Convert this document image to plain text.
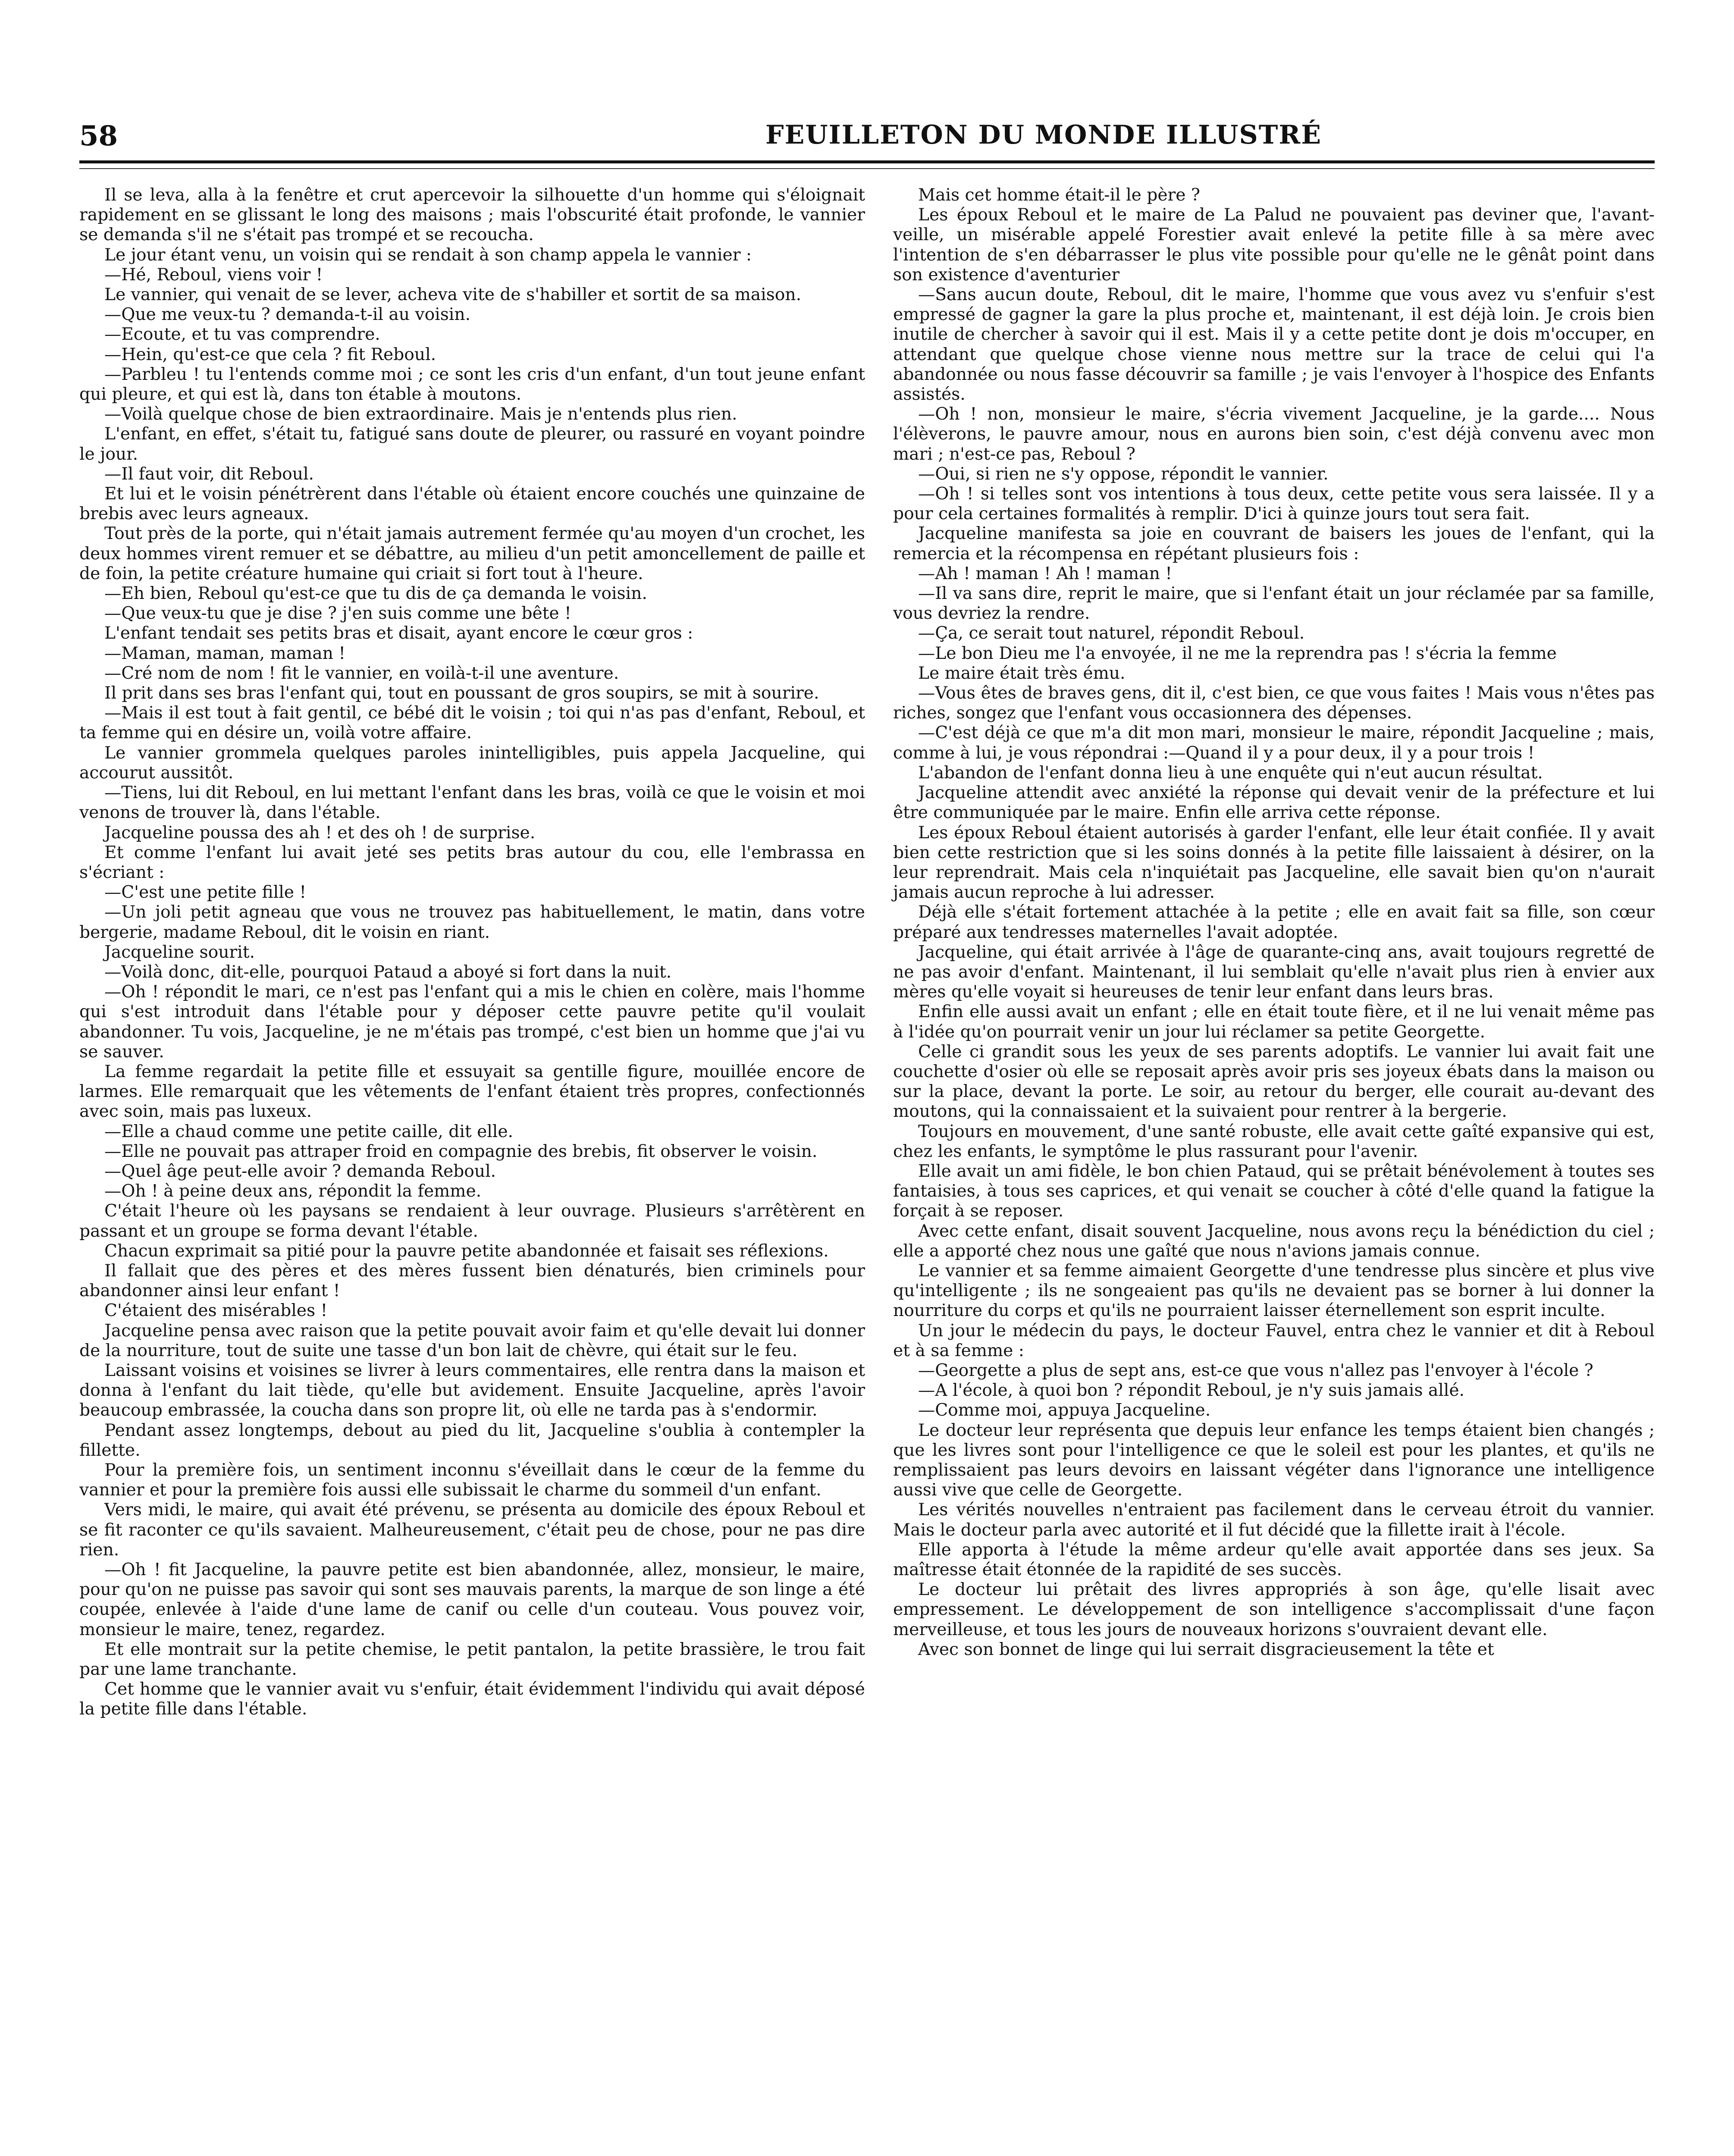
58	FEUILLETON DU MONDE ILLUSTRÉ

Il se leva, alla à la fenêtre et crut apercevoir la silhouette d'un homme qui s'éloignait rapidement en se glissant le long des maisons ; mais l'obscurité était profonde, le vannier se demanda s'il ne s'était pas trompé et se recoucha.

Le jour étant venu, un voisin qui se rendait à son champ appela le vannier :

—Hé, Reboul, viens voir !

Le vannier, qui venait de se lever, acheva vite de s'habiller et sortit de sa maison.

—Que me veux-tu ? demanda-t-il au voisin.

—Ecoute, et tu vas comprendre.

—Hein, qu'est-ce que cela ? fit Reboul.

—Parbleu ! tu l'entends comme moi ; ce sont les cris d'un enfant, d'un tout jeune enfant qui pleure, et qui est là, dans ton étable à moutons.

—Voilà quelque chose de bien extraordinaire. Mais je n'entends plus rien.

L'enfant, en effet, s'était tu, fatigué sans doute de pleurer, ou rassuré en voyant poindre le jour.

—Il faut voir, dit Reboul.

Et lui et le voisin pénétrèrent dans l'étable où étaient encore couchés une quinzaine de brebis avec leurs agneaux.

Tout près de la porte, qui n'était jamais autrement fermée qu'au moyen d'un crochet, les deux hommes virent remuer et se débattre, au milieu d'un petit amoncellement de paille et de foin, la petite créature humaine qui criait si fort tout à l'heure.

—Eh bien, Reboul qu'est-ce que tu dis de ça demanda le voisin.

—Que veux-tu que je dise ? j'en suis comme une bête !

L'enfant tendait ses petits bras et disait, ayant encore le cœur gros :

—Maman, maman, maman !

—Cré nom de nom ! fit le vannier, en voilà-t-il une aventure.

Il prit dans ses bras l'enfant qui, tout en poussant de gros soupirs, se mit à sourire.

—Mais il est tout à fait gentil, ce bébé dit le voisin ; toi qui n'as pas d'enfant, Reboul, et ta femme qui en désire un, voilà votre affaire.

Le vannier grommela quelques paroles inintelligibles, puis appela Jacqueline, qui accourut aussitôt.

—Tiens, lui dit Reboul, en lui mettant l'enfant dans les bras, voilà ce que le voisin et moi venons de trouver là, dans l'étable.

Jacqueline poussa des ah ! et des oh ! de surprise.

Et comme l'enfant lui avait jeté ses petits bras autour du cou, elle l'embrassa en s'écriant :

—C'est une petite fille !

—Un joli petit agneau que vous ne trouvez pas habituellement, le matin, dans votre bergerie, madame Reboul, dit le voisin en riant.

Jacqueline sourit.

—Voilà donc, dit-elle, pourquoi Pataud a aboyé si fort dans la nuit.

—Oh ! répondit le mari, ce n'est pas l'enfant qui a mis le chien en colère, mais l'homme qui s'est introduit dans l'étable pour y déposer cette pauvre petite qu'il voulait abandonner. Tu vois, Jacqueline, je ne m'étais pas trompé, c'est bien un homme que j'ai vu se sauver.

La femme regardait la petite fille et essuyait sa gentille figure, mouillée encore de larmes. Elle remarquait que les vêtements de l'enfant étaient très propres, confectionnés avec soin, mais pas luxeux.

—Elle a chaud comme une petite caille, dit elle.

—Elle ne pouvait pas attraper froid en compagnie des brebis, fit observer le voisin.

—Quel âge peut-elle avoir ? demanda Reboul.

—Oh ! à peine deux ans, répondit la femme.

C'était l'heure où les paysans se rendaient à leur ouvrage. Plusieurs s'arrêtèrent en passant et un groupe se forma devant l'étable.

Chacun exprimait sa pitié pour la pauvre petite abandonnée et faisait ses réflexions.

Il fallait que des pères et des mères fussent bien dénaturés, bien criminels pour abandonner ainsi leur enfant !

C'étaient des misérables !

Jacqueline pensa avec raison que la petite pouvait avoir faim et qu'elle devait lui donner de la nourriture, tout de suite une tasse d'un bon lait de chèvre, qui était sur le feu.

Laissant voisins et voisines se livrer à leurs commentaires, elle rentra dans la maison et donna à l'enfant du lait tiède, qu'elle but avidement. Ensuite Jacqueline, après l'avoir beaucoup embrassée, la coucha dans son propre lit, où elle ne tarda pas à s'endormir.

Pendant assez longtemps, debout au pied du lit, Jacqueline s'oublia à contempler la fillette.

Pour la première fois, un sentiment inconnu s'éveillait dans le cœur de la femme du vannier et pour la première fois aussi elle subissait le charme du sommeil d'un enfant.

Vers midi, le maire, qui avait été prévenu, se présenta au domicile des époux Reboul et se fit raconter ce qu'ils savaient. Malheureusement, c'était peu de chose, pour ne pas dire rien.

—Oh ! fit Jacqueline, la pauvre petite est bien abandonnée, allez, monsieur, le maire, pour qu'on ne puisse pas savoir qui sont ses mauvais parents, la marque de son linge a été coupée, enlevée à l'aide d'une lame de canif ou celle d'un couteau. Vous pouvez voir, monsieur le maire, tenez, regardez.

Et elle montrait sur la petite chemise, le petit pantalon, la petite brassière, le trou fait par une lame tranchante.

Cet homme que le vannier avait vu s'enfuir, était évidemment l'individu qui avait déposé la petite fille dans l'étable.

Mais cet homme était-il le père ?

Les époux Reboul et le maire de La Palud ne pouvaient pas deviner que, l'avant-veille, un misérable appelé Forestier avait enlevé la petite fille à sa mère avec l'intention de s'en débarrasser le plus vite possible pour qu'elle ne le gênât point dans son existence d'aventurier

—Sans aucun doute, Reboul, dit le maire, l'homme que vous avez vu s'enfuir s'est empressé de gagner la gare la plus proche et, maintenant, il est déjà loin. Je crois bien inutile de chercher à savoir qui il est. Mais il y a cette petite dont je dois m'occuper, en attendant que quelque chose vienne nous mettre sur la trace de celui qui l'a abandonnée ou nous fasse découvrir sa famille ; je vais l'envoyer à l'hospice des Enfants assistés.

—Oh ! non, monsieur le maire, s'écria vivement Jacqueline, je la garde.... Nous l'élèverons, le pauvre amour, nous en aurons bien soin, c'est déjà convenu avec mon mari ; n'est-ce pas, Reboul ?

—Oui, si rien ne s'y oppose, répondit le vannier.

—Oh ! si telles sont vos intentions à tous deux, cette petite vous sera laissée. Il y a pour cela certaines formalités à remplir. D'ici à quinze jours tout sera fait.

Jacqueline manifesta sa joie en couvrant de baisers les joues de l'enfant, qui la remercia et la récompensa en répétant plusieurs fois :

—Ah ! maman ! Ah ! maman !

—Il va sans dire, reprit le maire, que si l'enfant était un jour réclamée par sa famille, vous devriez la rendre.

—Ça, ce serait tout naturel, répondit Reboul.

—Le bon Dieu me l'a envoyée, il ne me la reprendra pas ! s'écria la femme

Le maire était très ému.

—Vous êtes de braves gens, dit il, c'est bien, ce que vous faites ! Mais vous n'êtes pas riches, songez que l'enfant vous occasionnera des dépenses.

—C'est déjà ce que m'a dit mon mari, monsieur le maire, répondit Jacqueline ; mais, comme à lui, je vous répondrai :—Quand il y a pour deux, il y a pour trois !

L'abandon de l'enfant donna lieu à une enquête qui n'eut aucun résultat.

Jacqueline attendit avec anxiété la réponse qui devait venir de la préfecture et lui être communiquée par le maire. Enfin elle arriva cette réponse.

Les époux Reboul étaient autorisés à garder l'enfant, elle leur était confiée. Il y avait bien cette restriction que si les soins donnés à la petite fille laissaient à désirer, on la leur reprendrait. Mais cela n'inquiétait pas Jacqueline, elle savait bien qu'on n'aurait jamais aucun reproche à lui adresser.

Déjà elle s'était fortement attachée à la petite ; elle en avait fait sa fille, son cœur préparé aux tendresses maternelles l'avait adoptée.

Jacqueline, qui était arrivée à l'âge de quarante-cinq ans, avait toujours regretté de ne pas avoir d'enfant. Maintenant, il lui semblait qu'elle n'avait plus rien à envier aux mères qu'elle voyait si heureuses de tenir leur enfant dans leurs bras.

Enfin elle aussi avait un enfant ; elle en était toute fière, et il ne lui venait même pas à l'idée qu'on pourrait venir un jour lui réclamer sa petite Georgette.

Celle ci grandit sous les yeux de ses parents adoptifs. Le vannier lui avait fait une couchette d'osier où elle se reposait après avoir pris ses joyeux ébats dans la maison ou sur la place, devant la porte. Le soir, au retour du berger, elle courait au-devant des moutons, qui la connaissaient et la suivaient pour rentrer à la bergerie.

Toujours en mouvement, d'une santé robuste, elle avait cette gaîté expansive qui est, chez les enfants, le symptôme le plus rassurant pour l'avenir.

Elle avait un ami fidèle, le bon chien Pataud, qui se prêtait bénévolement à toutes ses fantaisies, à tous ses caprices, et qui venait se coucher à côté d'elle quand la fatigue la forçait à se reposer.

Avec cette enfant, disait souvent Jacqueline, nous avons reçu la bénédiction du ciel ; elle a apporté chez nous une gaîté que nous n'avions jamais connue.

Le vannier et sa femme aimaient Georgette d'une tendresse plus sincère et plus vive qu'intelligente ; ils ne songeaient pas qu'ils ne devaient pas se borner à lui donner la nourriture du corps et qu'ils ne pourraient laisser éternellement son esprit inculte.

Un jour le médecin du pays, le docteur Fauvel, entra chez le vannier et dit à Reboul et à sa femme :

—Georgette a plus de sept ans, est-ce que vous n'allez pas l'envoyer à l'école ?

—A l'école, à quoi bon ? répondit Reboul, je n'y suis jamais allé.

—Comme moi, appuya Jacqueline.

Le docteur leur représenta que depuis leur enfance les temps étaient bien changés ; que les livres sont pour l'intelligence ce que le soleil est pour les plantes, et qu'ils ne remplissaient pas leurs devoirs en laissant végéter dans l'ignorance une intelligence aussi vive que celle de Georgette.

Les vérités nouvelles n'entraient pas facilement dans le cerveau étroit du vannier. Mais le docteur parla avec autorité et il fut décidé que la fillette irait à l'école.

Elle apporta à l'étude la même ardeur qu'elle avait apportée dans ses jeux. Sa maîtresse était étonnée de la rapidité de ses succès.

Le docteur lui prêtait des livres appropriés à son âge, qu'elle lisait avec empressement. Le développement de son intelligence s'accomplissait d'une façon merveilleuse, et tous les jours de nouveaux horizons s'ouvraient devant elle.

Avec son bonnet de linge qui lui serrait disgracieusement la tête et
